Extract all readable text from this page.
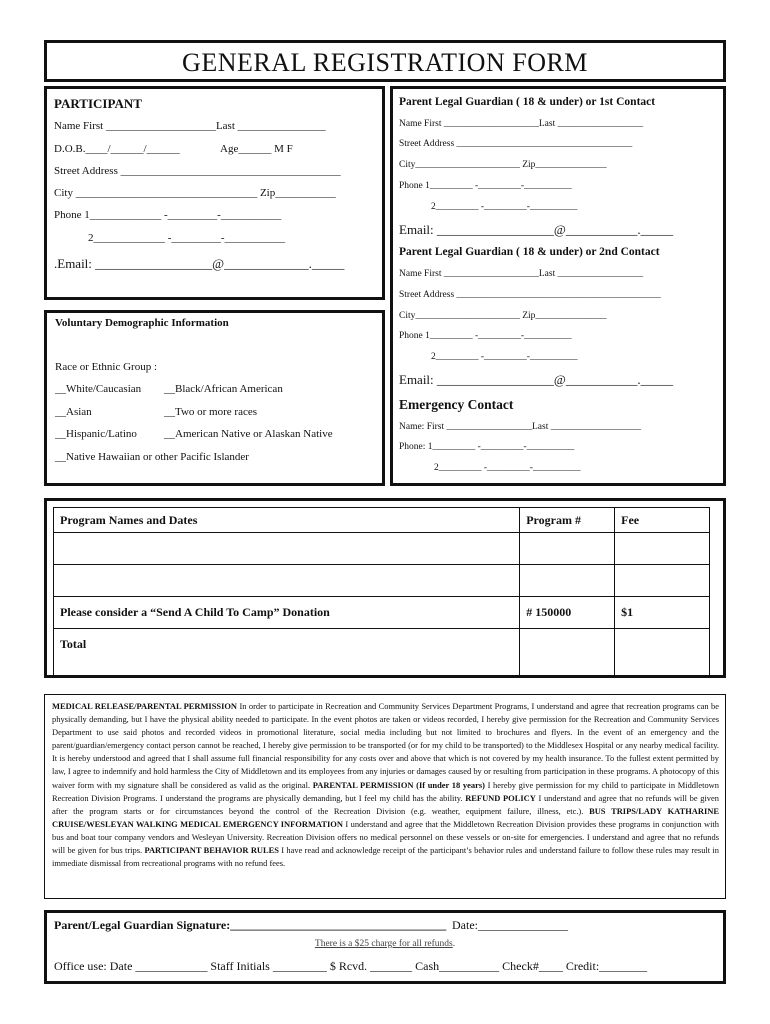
GENERAL REGISTRATION FORM
PARTICIPANT
Name First ____________________Last ________________
D.O.B.____/______/______	Age______ M F
Street Address ________________________________________
City _________________________________ Zip___________
Phone 1_____________ -_________-___________
2_____________ -_________-___________
.Email: __________________@_____________._____
Voluntary Demographic Information
Race or Ethnic Group :
__White/Caucasian __Black/African American
__Asian	__Two or more races
__Hispanic/Latino __American Native or Alaskan Native
__Native Hawaiian or other Pacific Islander
Parent Legal Guardian ( 18 & under) or 1st Contact
Name First ____________________Last __________________
Street Address _____________________________________
City______________________ Zip_______________
Phone 1_________ -_________-__________
2_________ -_________-__________
Email: __________________@___________._____
Parent Legal Guardian ( 18 & under) or 2nd Contact
Name First ____________________Last __________________
Street Address ___________________________________________
City______________________ Zip_______________
Phone 1_________ -_________-__________
2_________ -_________-__________
Email: __________________@___________._____
Emergency Contact
Name: First __________________Last ___________________
Phone: 1_________ -_________-__________
2_________ -_________-__________
Program Names and Dates	Program #	Fee

Please consider a “Send A Child To Camp” Donation	# 150000	$1
Total		
MEDICAL RELEASE/PARENTAL PERMISSION In order to participate in Recreation and Community Services Department Programs, I understand and agree that recreation programs can be physically demanding, but I have the physical ability needed to participate. In the event photos are taken or videos recorded, I hereby give permission for the Recreation and Community Services Department to use said photos and recorded videos in promotional literature, social media including but not limited to brochures and flyers. In the event of an emergency and the parent/guardian/emergency contact person cannot be reached, I hereby give permission to be transported (or for my child to be transported) to the Middlesex Hospital or any nearby medical facility. It is hereby understood and agreed that I shall assume full financial responsibility for any costs over and above that which is not covered by my health insurance. To the fullest extent permitted by law, I agree to indemnify and hold harmless the City of Middletown and its employees from any injuries or damages caused by or resulting from participation in these programs. A photocopy of this waiver form with my signature shall be considered as valid as the original. PARENTAL PERMISSION (If under 18 years) I hereby give permission for my child to participate in Middletown Recreation Division Programs. I understand the programs are physically demanding, but I feel my child has the ability. REFUND POLICY I understand and agree that no refunds will be given after the program starts or for circumstances beyond the control of the Recreation Division (e.g. weather, equipment failure, illness, etc.). BUS TRIPS/LADY KATHARINE CRUISE/WESLEYAN WALKING MEDICAL EMERGENCY INFORMATION I understand and agree that the Middletown Recreation Division provides these programs in conjunction with bus and boat tour company vendors and Wesleyan University. Recreation Division offers no medical personnel on these vessels or on-site for emergencies. I understand and agree that no refunds will be given for bus trips. PARTICIPANT BEHAVIOR RULES I have read and acknowledge receipt of the participant’s behavior rules and understand failure to follow these rules may result in immediate dismissal from recreational programs with no refund fees.
Parent/Legal Guardian Signature:____________________________________ Date:_______________
There is a $25 charge for all refunds.
Office use: Date ____________ Staff Initials _________ $ Rcvd. _______ Cash__________ Check#____ Credit:________
